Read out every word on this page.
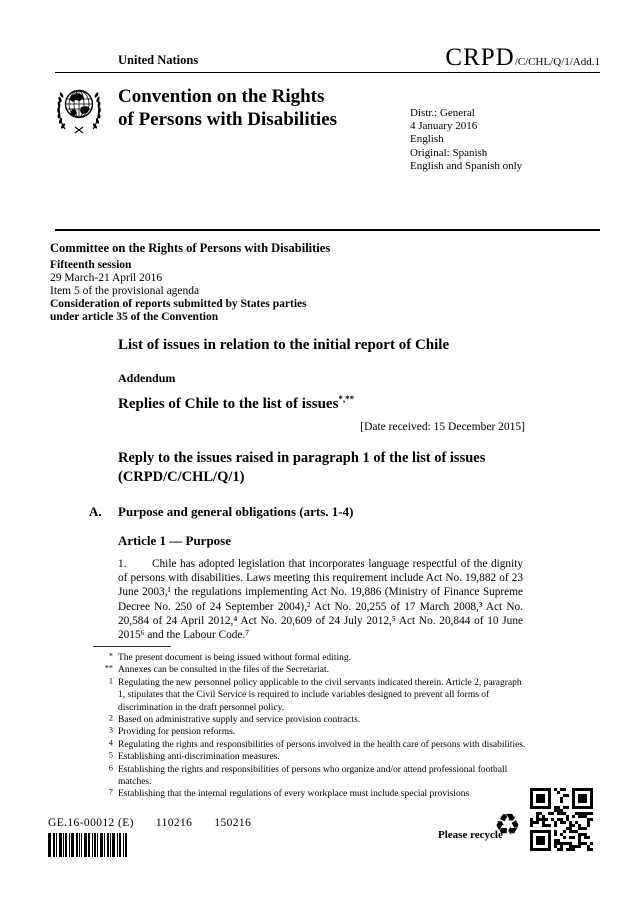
United Nations	CRPD/C/CHL/Q/1/Add.1
Convention on the Rights
of Persons with Disabilities	Distr.: General
4 January 2016
English
Original: Spanish
English and Spanish only
Committee on the Rights of Persons with Disabilities
Fifteenth session
29 March-21 April 2016
Item 5 of the provisional agenda
Consideration of reports submitted by States parties
under article 35 of the Convention
List of issues in relation to the initial report of Chile
Addendum
Replies of Chile to the list of issues*,**
[Date received: 15 December 2015]
Reply to the issues raised in paragraph 1 of the list of issues (CRPD/C/CHL/Q/1)
A. Purpose and general obligations (arts. 1-4)
Article 1 — Purpose
1. Chile has adopted legislation that incorporates language respectful of the dignity of persons with disabilities. Laws meeting this requirement include Act No. 19,882 of 23 June 2003,¹ the regulations implementing Act No. 19,886 (Ministry of Finance Supreme Decree No. 250 of 24 September 2004),² Act No. 20,255 of 17 March 2008,³ Act No. 20,584 of 24 April 2012,⁴ Act No. 20,609 of 24 July 2012,⁵ Act No. 20,844 of 10 June 2015⁶ and the Labour Code.⁷
* The present document is being issued without formal editing.
** Annexes can be consulted in the files of the Secretariat.
1 Regulating the new personnel policy applicable to the civil servants indicated therein. Article 2, paragraph 1, stipulates that the Civil Service is required to include variables designed to prevent all forms of discrimination in the draft personnel policy.
2 Based on administrative supply and service provision contracts.
3 Providing for pension reforms.
4 Regulating the rights and responsibilities of persons involved in the health care of persons with disabilities.
5 Establishing anti-discrimination measures.
6 Establishing the rights and responsibilities of persons who organize and/or attend professional football matches.
7 Establishing that the internal regulations of every workplace must include special provisions
GE.16-00012 (E) 110216 150216
Please recycle
♻
